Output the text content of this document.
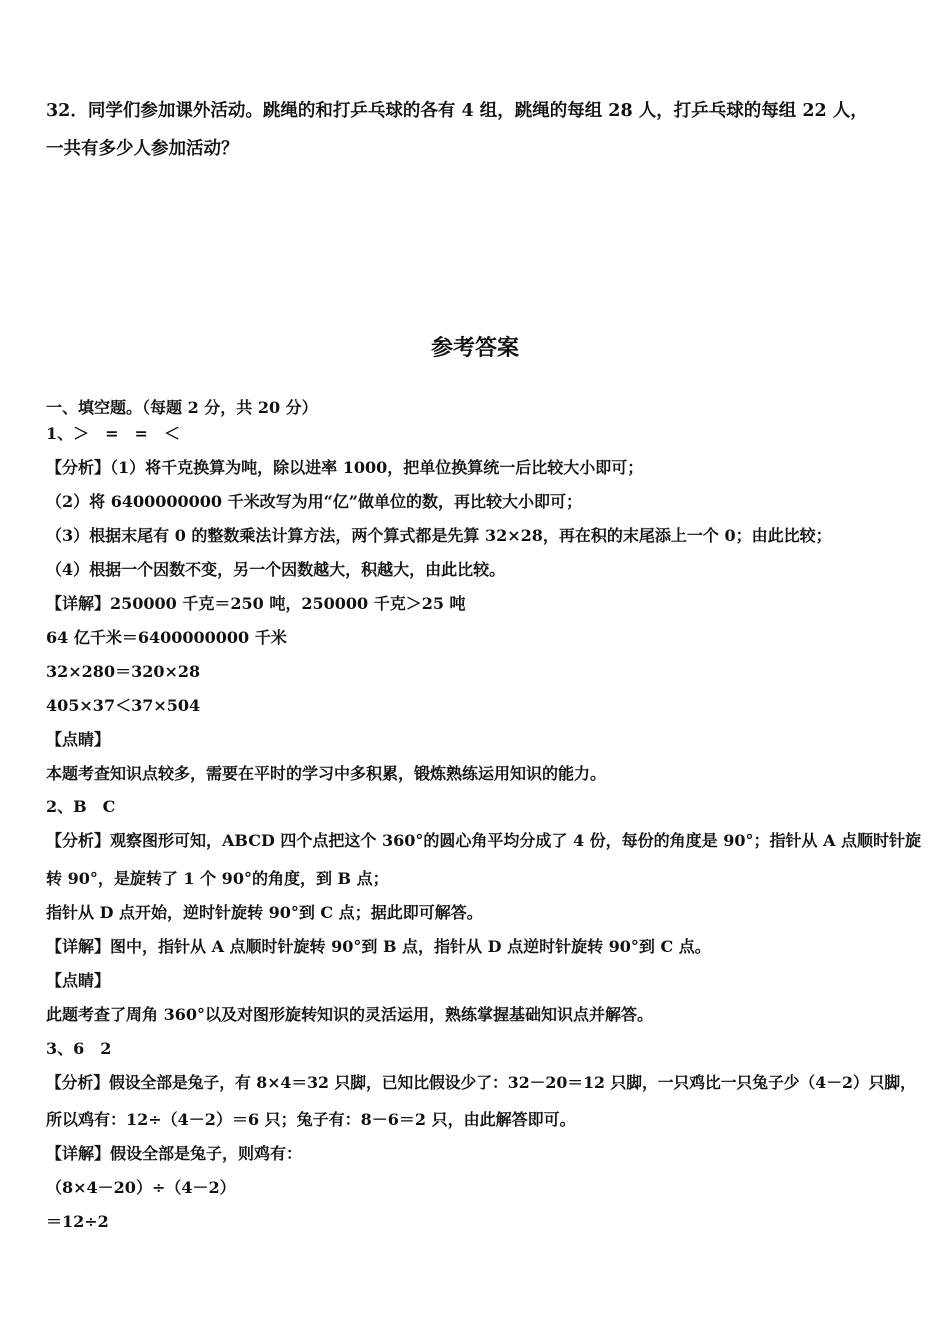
32．同学们参加课外活动。跳绳的和打乒乓球的各有 4 组，跳绳的每组 28 人，打乒乓球的每组 22 人，
一共有多少人参加活动？
参考答案
一、填空题。（每题 2 分，共 20 分）
1、＞　=　=　＜
【分析】（1）将千克换算为吨，除以进率 1000，把单位换算统一后比较大小即可；
（2）将 6400000000 千米改写为用“亿”做单位的数，再比较大小即可；
（3）根据末尾有 0 的整数乘法计算方法，两个算式都是先算 32×28，再在积的末尾添上一个 0；由此比较；
（4）根据一个因数不变，另一个因数越大，积越大，由此比较。
【详解】250000 千克＝250 吨，250000 千克＞25 吨
64 亿千米＝6400000000 千米
32×280＝320×28
405×37＜37×504
【点睛】
本题考查知识点较多，需要在平时的学习中多积累，锻炼熟练运用知识的能力。
2、B　C
【分析】观察图形可知，ABCD 四个点把这个 360°的圆心角平均分成了 4 份，每份的角度是 90°；指针从 A 点顺时针旋
转 90°，是旋转了 1 个 90°的角度，到 B 点；
指针从 D 点开始，逆时针旋转 90°到 C 点；据此即可解答。
【详解】图中，指针从 A 点顺时针旋转 90°到 B 点，指针从 D 点逆时针旋转 90°到 C 点。
【点睛】
此题考查了周角 360°以及对图形旋转知识的灵活运用，熟练掌握基础知识点并解答。
3、6　2
【分析】假设全部是兔子，有 8×4＝32 只脚，已知比假设少了：32－20＝12 只脚，一只鸡比一只兔子少（4－2）只脚，
所以鸡有：12÷（4－2）＝6 只；兔子有：8－6＝2 只，由此解答即可。
【详解】假设全部是兔子，则鸡有：
（8×4－20）÷（4－2）
＝12÷2
